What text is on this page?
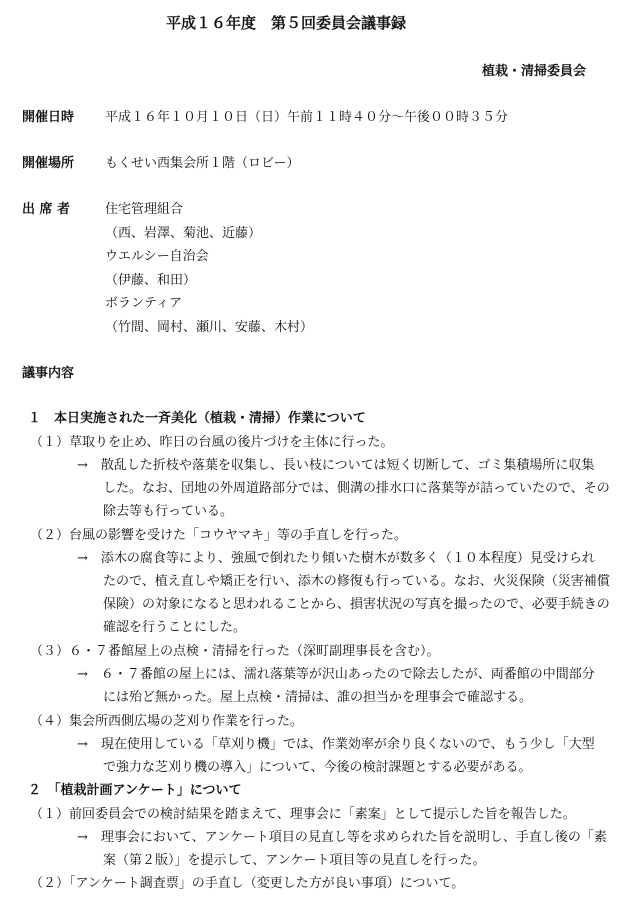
平成１６年度　第５回委員会議事録
植栽・清掃委員会
開催日時 平成１６年１０月１０日（日）午前１１時４０分～午後００時３５分
開催場所 もくせい西集会所１階（ロビー）
出 席 者	住宅管理組合
（西、岩澤、菊池、近藤）
ウエルシー自治会
（伊藤、和田）
ボランティア
（竹間、岡村、瀬川、安藤、木村）
議事内容
１　本日実施された一斉美化（植栽・清掃）作業について
（１）草取りを止め、昨日の台風の後片づけを主体に行った。
→　散乱した折枝や落葉を収集し、長い枝については短く切断して、ゴミ集積場所に収集
した。なお、団地の外周道路部分では、側溝の排水口に落葉等が詰っていたので、その
除去等も行っている。
（２）台風の影響を受けた「コウヤマキ」等の手直しを行った。
→　添木の腐食等により、強風で倒れたり傾いた樹木が数多く（１０本程度）見受けられ
たので、植え直しや矯正を行い、添木の修復も行っている。なお、火災保険（災害補償
保険）の対象になると思われることから、損害状況の写真を撮ったので、必要手続きの
確認を行うことにした。
（３）６・７番館屋上の点検・清掃を行った（深町副理事長を含む）。
→　６・７番館の屋上には、濡れ落葉等が沢山あったので除去したが、両番館の中間部分
には殆ど無かった。屋上点検・清掃は、誰の担当かを理事会で確認する。
（４）集会所西側広場の芝刈り作業を行った。
→　現在使用している「草刈り機」では、作業効率が余り良くないので、もう少し「大型
で強力な芝刈り機の導入」について、今後の検討課題とする必要がある。
２　「植栽計画アンケート」について
（１）前回委員会での検討結果を踏まえて、理事会に「素案」として提示した旨を報告した。
→　理事会において、アンケート項目の見直し等を求められた旨を説明し、手直し後の「素
案（第２版）」を提示して、アンケート項目等の見直しを行った。
（２）「アンケート調査票」の手直し（変更した方が良い事項）について。
